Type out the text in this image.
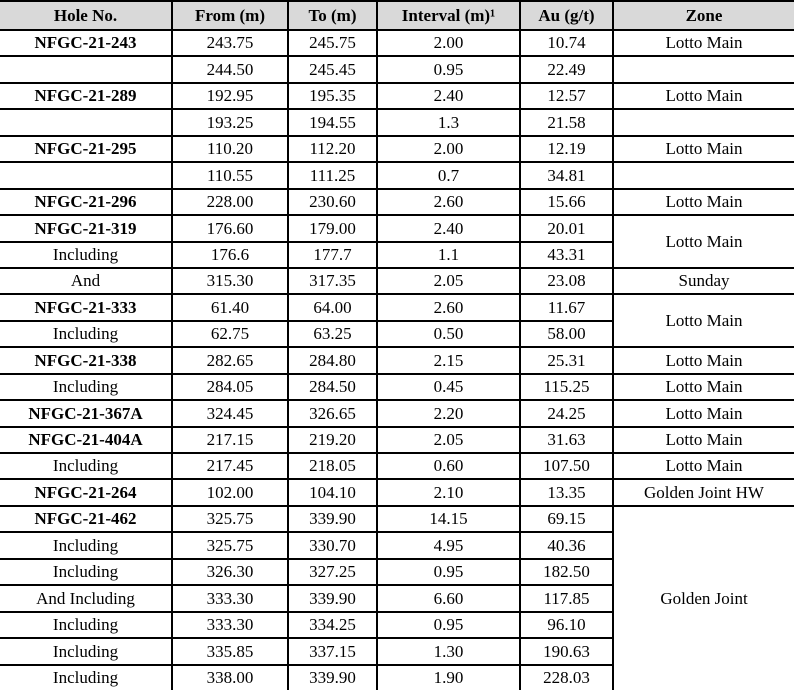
Hole No.	From (m)	To (m)	Interval (m)¹	Au (g/t)	Zone
NFGC-21-243	243.75	245.75	2.00	10.74	Lotto Main
	244.50	245.45	0.95	22.49	
NFGC-21-289	192.95	195.35	2.40	12.57	Lotto Main
	193.25	194.55	1.3	21.58	
NFGC-21-295	110.20	112.20	2.00	12.19	Lotto Main
	110.55	111.25	0.7	34.81	
NFGC-21-296	228.00	230.60	2.60	15.66	Lotto Main
NFGC-21-319	176.60	179.00	2.40	20.01	Lotto Main
Including	176.6	177.7	1.1	43.31	
And	315.30	317.35	2.05	23.08	Sunday
NFGC-21-333	61.40	64.00	2.60	11.67	Lotto Main
Including	62.75	63.25	0.50	58.00	
NFGC-21-338	282.65	284.80	2.15	25.31	Lotto Main
Including	284.05	284.50	0.45	115.25	Lotto Main
NFGC-21-367A	324.45	326.65	2.20	24.25	Lotto Main
NFGC-21-404A	217.15	219.20	2.05	31.63	Lotto Main
Including	217.45	218.05	0.60	107.50	Lotto Main
NFGC-21-264	102.00	104.10	2.10	13.35	Golden Joint HW
NFGC-21-462	325.75	339.90	14.15	69.15	Golden Joint
Including	325.75	330.70	4.95	40.36	
Including	326.30	327.25	0.95	182.50	
And Including	333.30	339.90	6.60	117.85	
Including	333.30	334.25	0.95	96.10	
Including	335.85	337.15	1.30	190.63	
Including	338.00	339.90	1.90	228.03	
